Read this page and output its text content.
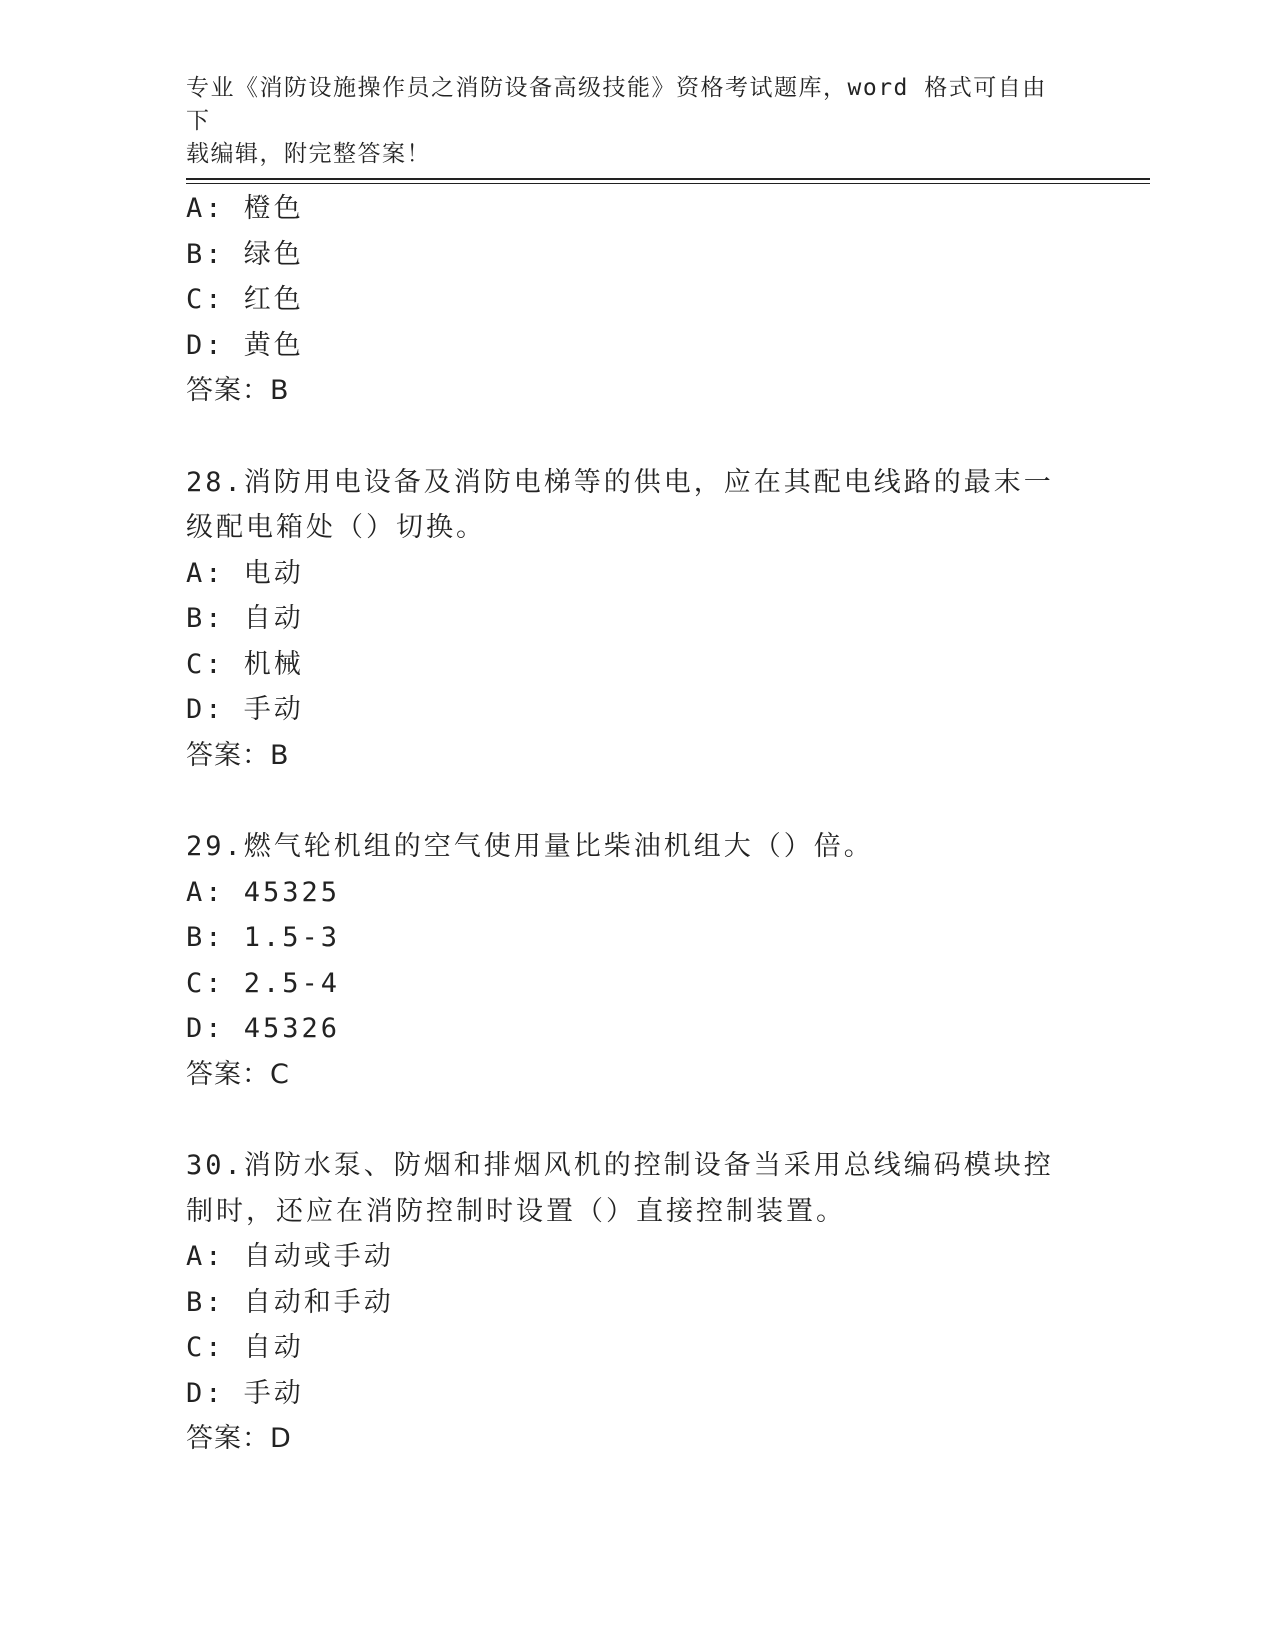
专业《消防设施操作员之消防设备高级技能》资格考试题库，word 格式可自由下
载编辑，附完整答案！
A: 橙色
B: 绿色
C: 红色
D: 黄色
答案：B
28.消防用电设备及消防电梯等的供电，应在其配电线路的最末一级配电箱处（）切换。
A: 电动
B: 自动
C: 机械
D: 手动
答案：B
29.燃气轮机组的空气使用量比柴油机组大（）倍。
A: 45325
B: 1.5-3
C: 2.5-4
D: 45326
答案：C
30.消防水泵、防烟和排烟风机的控制设备当采用总线编码模块控制时，还应在消防控制时设置（）直接控制装置。
A: 自动或手动
B: 自动和手动
C: 自动
D: 手动
答案：D
